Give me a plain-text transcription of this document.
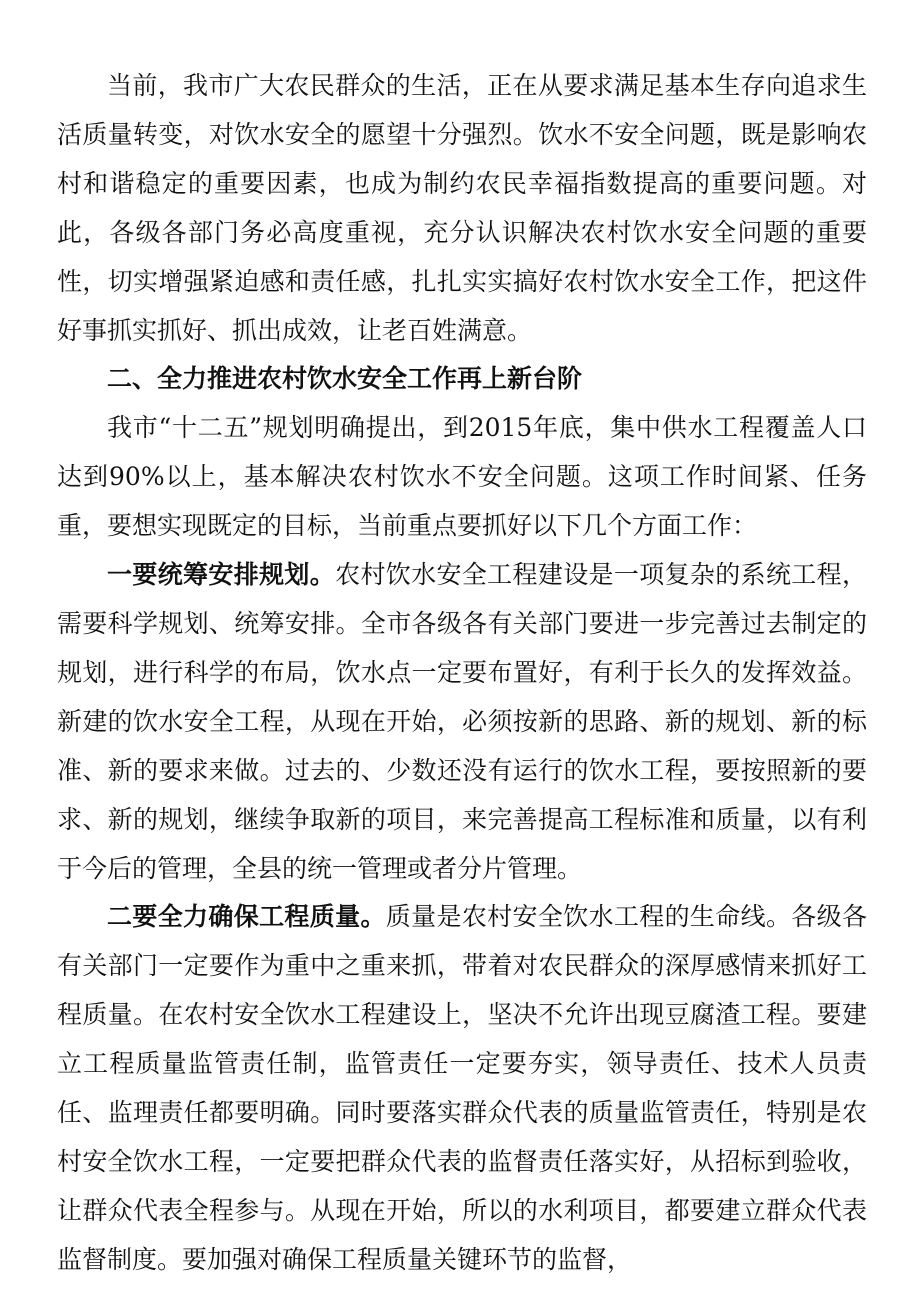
当前，我市广大农民群众的生活，正在从要求满足基本生存向追求生活质量转变，对饮水安全的愿望十分强烈。饮水不安全问题，既是影响农村和谐稳定的重要因素，也成为制约农民幸福指数提高的重要问题。对此，各级各部门务必高度重视，充分认识解决农村饮水安全问题的重要性，切实增强紧迫感和责任感，扎扎实实搞好农村饮水安全工作，把这件好事抓实抓好、抓出成效，让老百姓满意。

二、全力推进农村饮水安全工作再上新台阶

我市“十二五”规划明确提出，到2015年底，集中供水工程覆盖人口达到90%以上，基本解决农村饮水不安全问题。这项工作时间紧、任务重，要想实现既定的目标，当前重点要抓好以下几个方面工作：

一要统筹安排规划。农村饮水安全工程建设是一项复杂的系统工程，需要科学规划、统筹安排。全市各级各有关部门要进一步完善过去制定的规划，进行科学的布局，饮水点一定要布置好，有利于长久的发挥效益。新建的饮水安全工程，从现在开始，必须按新的思路、新的规划、新的标准、新的要求来做。过去的、少数还没有运行的饮水工程，要按照新的要求、新的规划，继续争取新的项目，来完善提高工程标准和质量，以有利于今后的管理，全县的统一管理或者分片管理。

二要全力确保工程质量。质量是农村安全饮水工程的生命线。各级各有关部门一定要作为重中之重来抓，带着对农民群众的深厚感情来抓好工程质量。在农村安全饮水工程建设上，坚决不允许出现豆腐渣工程。要建立工程质量监管责任制，监管责任一定要夯实，领导责任、技术人员责任、监理责任都要明确。同时要落实群众代表的质量监管责任，特别是农村安全饮水工程，一定要把群众代表的监督责任落实好，从招标到验收，让群众代表全程参与。从现在开始，所以的水利项目，都要建立群众代表监督制度。要加强对确保工程质量关键环节的监督，
